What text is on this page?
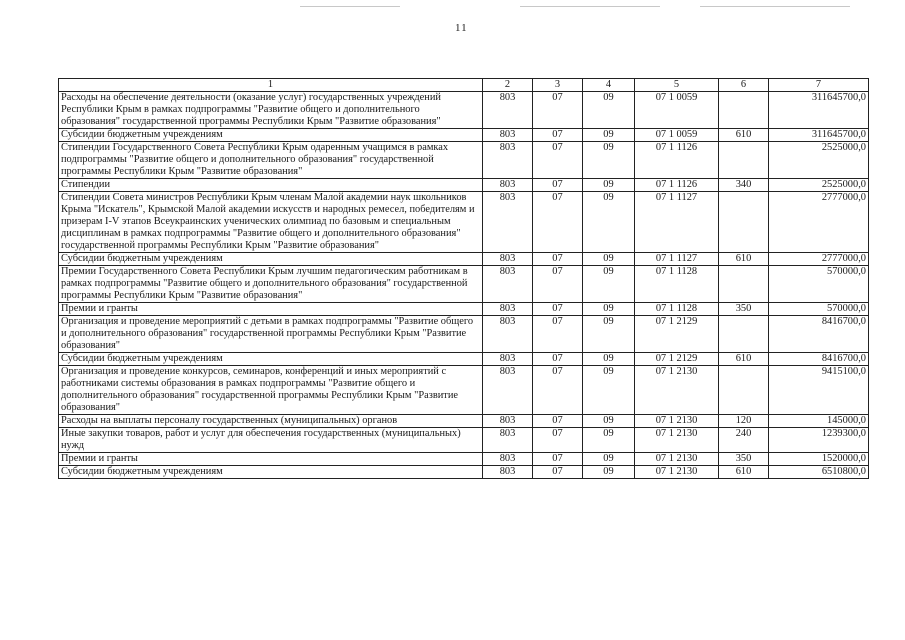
11
1	2	3	4	5	6	7
Расходы на обеспечение деятельности (оказание услуг) государственных учреждений Республики Крым в рамках подпрограммы "Развитие общего и дополнительного образования" государственной программы Республики Крым "Развитие образования"	803	07	09	07 1 0059		311645700,0
Субсидии бюджетным учреждениям	803	07	09	07 1 0059	610	311645700,0
Стипендии Государственного Совета Республики Крым одаренным учащимся в рамках подпрограммы "Развитие общего и дополнительного образования" государственной программы Республики Крым "Развитие образования"	803	07	09	07 1 1126		2525000,0
Стипендии	803	07	09	07 1 1126	340	2525000,0
Стипендии Совета министров Республики Крым членам Малой академии наук школьников Крыма "Искатель", Крымской Малой академии искусств и народных ремесел, победителям и призерам I-V этапов Всеукраинских ученических олимпиад по базовым и специальным дисциплинам в рамках подпрограммы "Развитие общего и дополнительного образования" государственной программы Республики Крым "Развитие образования"	803	07	09	07 1 1127		2777000,0
Субсидии бюджетным учреждениям	803	07	09	07 1 1127	610	2777000,0
Премии Государственного Совета Республики Крым лучшим педагогическим работникам в рамках подпрограммы "Развитие общего и дополнительного образования" государственной программы Республики Крым "Развитие образования"	803	07	09	07 1 1128		570000,0
Премии и гранты	803	07	09	07 1 1128	350	570000,0
Организация и проведение мероприятий с детьми в рамках подпрограммы "Развитие общего и дополнительного образования" государственной программы Республики Крым "Развитие образования"	803	07	09	07 1 2129		8416700,0
Субсидии бюджетным учреждениям	803	07	09	07 1 2129	610	8416700,0
Организация и проведение конкурсов, семинаров, конференций и иных мероприятий с работниками системы образования в рамках подпрограммы "Развитие общего и дополнительного образования" государственной программы Республики Крым "Развитие образования"	803	07	09	07 1 2130		9415100,0
Расходы на выплаты персоналу государственных (муниципальных) органов	803	07	09	07 1 2130	120	145000,0
Иные закупки товаров, работ и услуг для обеспечения государственных (муниципальных) нужд	803	07	09	07 1 2130	240	1239300,0
Премии и гранты	803	07	09	07 1 2130	350	1520000,0
Субсидии бюджетным учреждениям	803	07	09	07 1 2130	610	6510800,0
